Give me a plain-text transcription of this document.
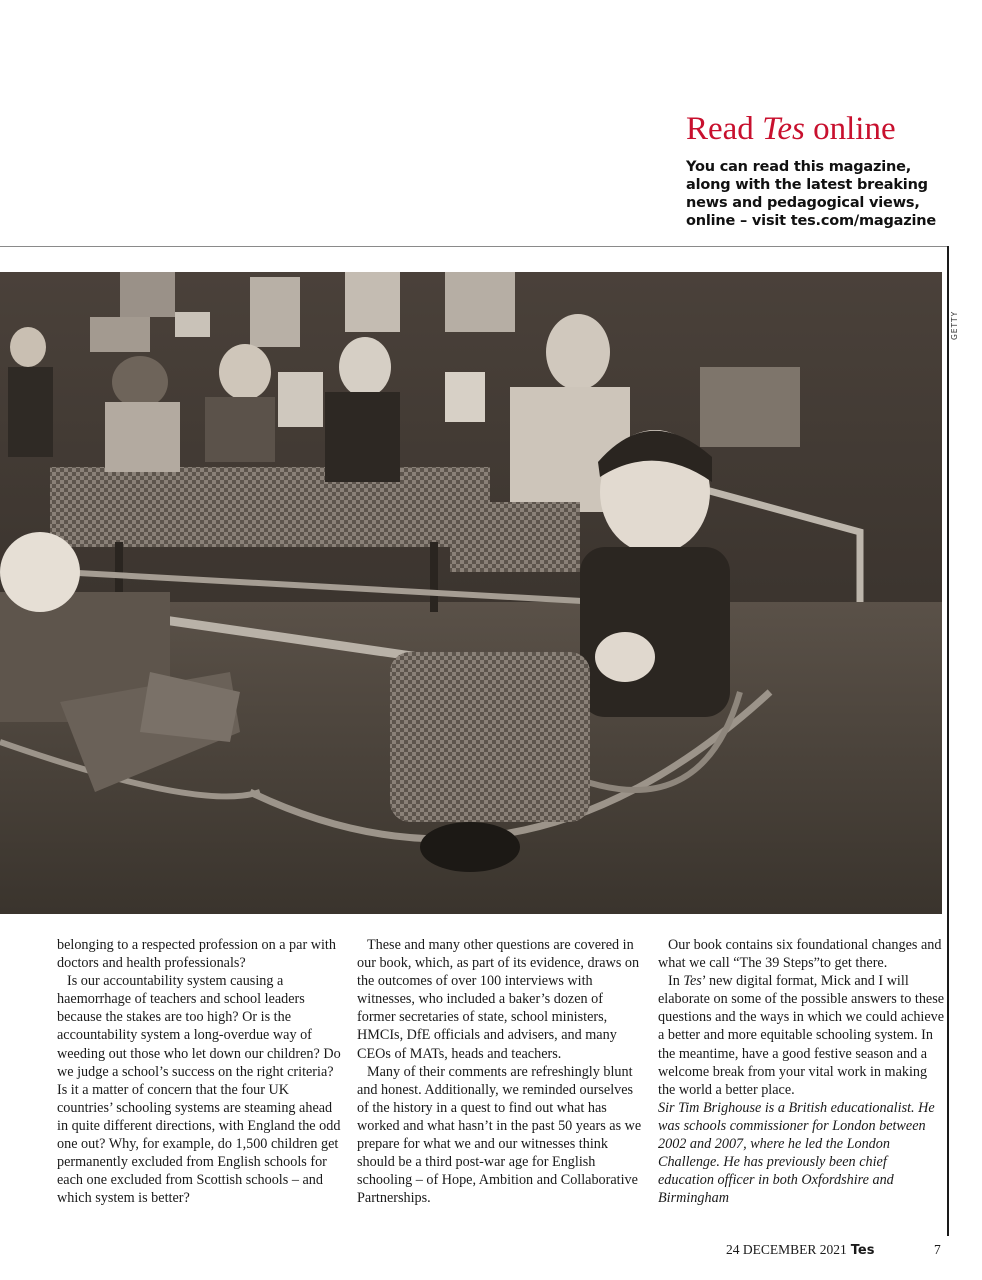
Read Tes online
You can read this magazine, along with the latest breaking news and pedagogical views, online – visit tes.com/magazine
GETTY

belonging to a respected profession on a par with doctors and health professionals?

Is our accountability system causing a haemorrhage of teachers and school leaders because the stakes are too high? Or is the accountability system a long-overdue way of weeding out those who let down our children? Do we judge a school’s success on the right criteria? Is it a matter of concern that the four UK countries’ schooling systems are steaming ahead in quite different directions, with England the odd one out? Why, for example, do 1,500 children get permanently excluded from English schools for each one excluded from Scottish schools – and which system is better?

These and many other questions are covered in our book, which, as part of its evidence, draws on the outcomes of over 100 interviews with witnesses, who included a baker’s dozen of former secretaries of state, school ministers, HMCIs, DfE officials and advisers, and many CEOs of MATs, heads and teachers.

Many of their comments are refreshingly blunt and honest. Additionally, we reminded ourselves of the history in a quest to find out what has worked and what hasn’t in the past 50 years as we prepare for what we and our witnesses think should be a third post-war age for English schooling – of Hope, Ambition and Collaborative Partnerships.

Our book contains six foundational changes and what we call “The 39 Steps”to get there.

In Tes’ new digital format, Mick and I will elaborate on some of the possible answers to these questions and the ways in which we could achieve a better and more equitable schooling system. In the meantime, have a good festive season and a welcome break from your vital work in making the world a better place.

Sir Tim Brighouse is a British educationalist. He was schools commissioner for London between 2002 and 2007, where he led the London Challenge. He has previously been chief education officer in both Oxfordshire and Birmingham

24 DECEMBER 2021 Tes	7
